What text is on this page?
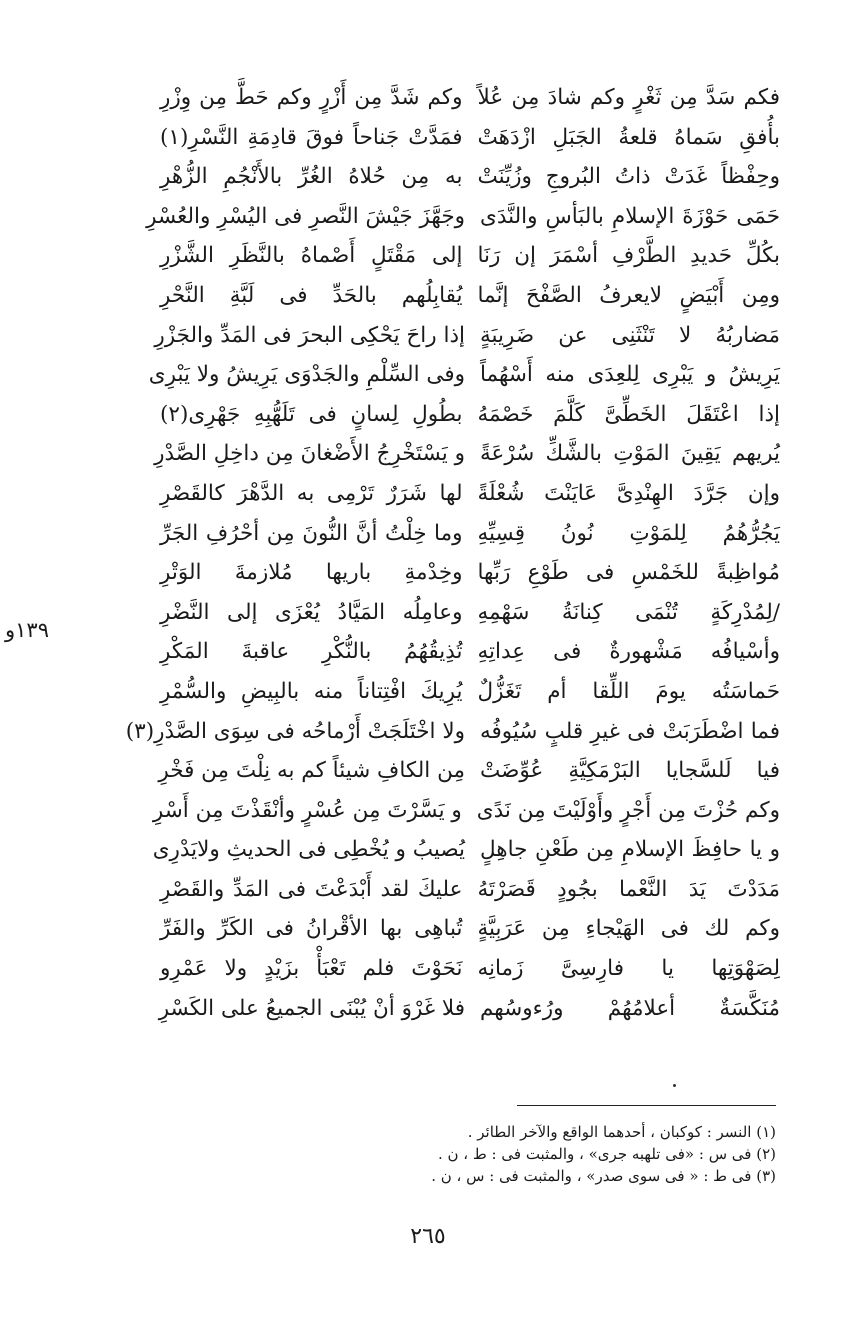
فكم سَدَّ مِن ثَغْرٍ وكم شادَ مِن عُلاً
وكم شَدَّ مِن أَزْرٍ وكم حَطَّ مِن وِزْرِ
بأُفقِ سَماهُ قلعةُ الجَبَلِ ازْدَهَتْ
فمَدَّتْ جَناحاً فوقَ قادِمَةِ النَّسْرِ(١)
وحِفْظاً غَدَتْ ذاتُ البُروجِ وزُيِّنَتْ
به مِن حُلاهُ الغُرِّ بالأَنْجُمِ الزُّهْرِ
حَمَى حَوْزَةَ الإسلامِ بالبَأسِ والنَّدَى
وجَهَّزَ جَيْشَ النَّصرِ فى اليُسْرِ والعُسْرِ
بكُلِّ حَديدِ الطَّرْفِ أسْمَرَ إن رَنَا
إلى مَقْتَلٍ أَصْماهُ بالنَّظَرِ الشَّزْرِ
ومِن أَبْيَضٍ لايعرفُ الصَّفْحَ إنَّما
يُقابِلُهم بالحَدِّ فى لَبَّةِ النَّحْرِ
مَضاربُهُ لا تَنْثَنِى عن ضَرِيبَةٍ
إذا راحَ يَحْكِى البحرَ فى المَدِّ والجَزْرِ
يَرِيشُ و يَبْرِى لِلعِدَى منه أَسْهُماً
وفى السِّلْمِ والجَدْوَى يَرِيشُ ولا يَبْرِى
إذا اعْتَقَلَ الخَطِّىَّ كَلَّمَ خَصْمَهُ
بطُولِ لِسانٍ فى تَلَهُّبِهِ جَهْرِى(٢)
يُريهم يَقِينَ المَوْتِ بالشَّكِّ سُرْعَةً
و يَسْتَخْرِجُ الأَضْغانَ مِن داخِلِ الصَّدْرِ
وإن جَرَّدَ الهِنْدِىَّ عَايَنْتَ شُعْلَةً
لها شَرَرٌ تَرْمِى به الدَّهْرَ كالقَصْرِ
يَجُرُّهُمُ لِلمَوْتِ نُونُ قِسِيِّهِ
وما خِلْتُ أنَّ النُّونَ مِن أحْرُفِ الجَرِّ
مُواظِبةً للخَمْسِ فى طَوْعِ رَبِّها
وخِدْمةِ باريها مُلازمةَ الوَتْرِ
/لِمُدْرِكَةٍ تُنْمَى كِنانَةُ سَهْمِهِ
وعامِلُه المَيَّادُ يُعْزَى إلى النَّضْرِ
وأسْيافُه مَشْهورةٌ فى عِداتِهِ
تُذِيقُهُمُ بالنُّكْرِ عاقبةَ المَكْرِ
حَماسَتُه يومَ اللِّقا أم تَغَزُّلٌ
يُرِيكَ افْتِتاناً منه بالبِيضِ والسُّمْرِ
فما اضْطَرَبَتْ فى غيرِ قلبٍ سُيُوفُه
ولا اخْتَلَجَتْ أَرْماحُه فى سِوَى الصَّدْرِ(٣)
فيا لَلسَّجايا البَرْمَكِيَّةِ عُوِّضَتْ
مِن الكافِ شيئاً كم به نِلْتَ مِن فَخْرِ
وكم حُزْتَ مِن أَجْرٍ وأَوْلَيْتَ مِن نَدًى
و يَسَّرْتَ مِن عُسْرٍ وأنْقَذْتَ مِن أَسْرِ
و يا حافِظَ الإسلامِ مِن طَعْنِ جاهِلٍ
يُصيبُ و يُخْطِى فى الحديثِ ولايَدْرِى
مَدَدْتَ يَدَ النَّعْما بجُودٍ قَصَرْتَهُ
عليكَ لقد أَبْدَعْتَ فى المَدِّ والقَصْرِ
وكم لك فى الهَيْجاءِ مِن عَرَبِيَّةٍ
تُباهِى بها الأقْرانُ فى الكَرِّ والفَرِّ
لِصَهْوَتِها يا فارِسِىَّ زَمانِه
نَحَوْتَ فلم تَعْبَأْ بزَيْدٍ ولا عَمْرِو
مُنَكَّسَةٌ أعلامُهُمْ ورُءوسُهم
فلا غَرْوَ أنْ يُبْنَى الجميعُ على الكَسْرِ
١٣٩و
(١) النسر : كوكبان ، أحدهما الواقع والآخر الطائر .
(٢) فى س : «فى تلهبه جرى» ، والمثبت فى : ط ، ن .
(٣) فى ط : « فى سوى صدر» ، والمثبت فى : س ، ن .
٢٦٥
